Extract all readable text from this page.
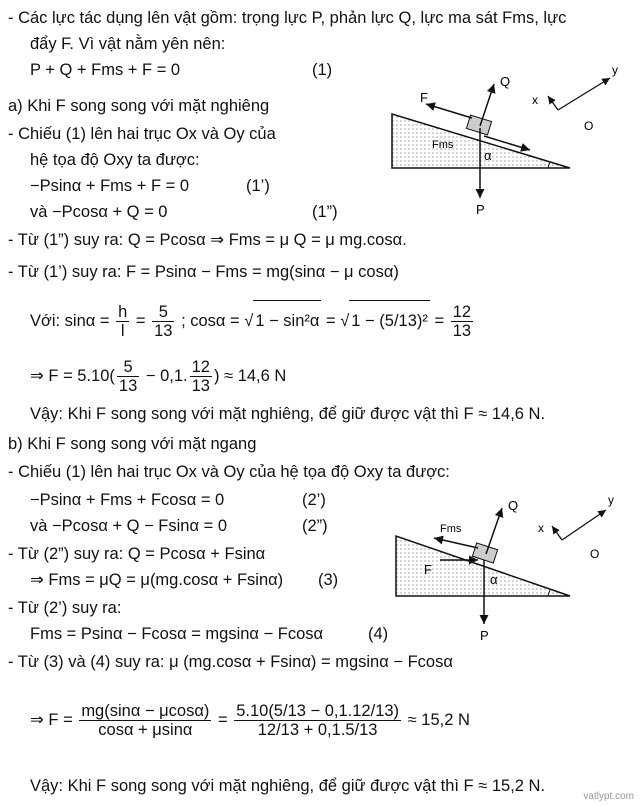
- Các lực tác dụng lên vật gồm: trọng lực P, phản lực Q, lực ma sát Fms, lực
đẩy F. Vì vật nằm yên nên:
P + Q + Fms + F = 0	(1)
a) Khi F song song với mặt nghiêng
- Chiếu (1) lên hai trục Ox và Oy của
hệ tọa độ Oxy ta được:
−Psinα + Fms + F = 0	(1’)
và −Pcosα + Q = 0	(1”)
- Từ (1”) suy ra: Q = Pcosα ⇒ Fms = μ Q = μ mg.cosα.
- Từ (1’) suy ra: F = Psinα − Fms = mg(sinα − μ cosα)
Với: $\sin\alpha = \frac{h}{l} = \frac{5}{13}$ ; cosα = √ 1 − sin²α = √ $1 - (5/13)^2 = \frac{12}{13}$
⇒ $F = 5.10( \frac{5}{13} - 0,1$. $\frac{12}{13}$ ) ≈ 14,6 N
Vậy: Khi F song song với mặt nghiêng, để giữ được vật thì F ≈ 14,6 N.
b) Khi F song song với mặt ngang
- Chiếu (1) lên hai trục Ox và Oy của hệ tọa độ Oxy ta được:
−Psinα + Fms + Fcosα = 0	(2’)
và −Pcosα + Q − Fsinα = 0	(2”)
- Từ (2”) suy ra: Q = Pcosα + Fsinα
⇒ Fms = μQ = μ(mg.cosα + Fsinα) (3)
- Từ (2’) suy ra:
Fms = Psinα − Fcosα = mgsinα − Fcosα	(4)
- Từ (3) và (4) suy ra: μ (mg.cosα + Fsinα) = mgsinα − Fcosα
⇒ $F = \frac{mg(\sin\alpha - \mu\cos\alpha)}{\cos\alpha + \mu\sin\alpha} = \frac{5.10(5/13 - 0,1.12/13)}{12/13 + 0,1.5/13} \approx 15,2$ N
Vậy: Khi F song song với mặt nghiêng, để giữ được vật thì F ≈ 15,2 N.
F
Q
Fms
α
P
x
y
O
Fms
F
Q
α
P
x
y
O
vatlypt.com
